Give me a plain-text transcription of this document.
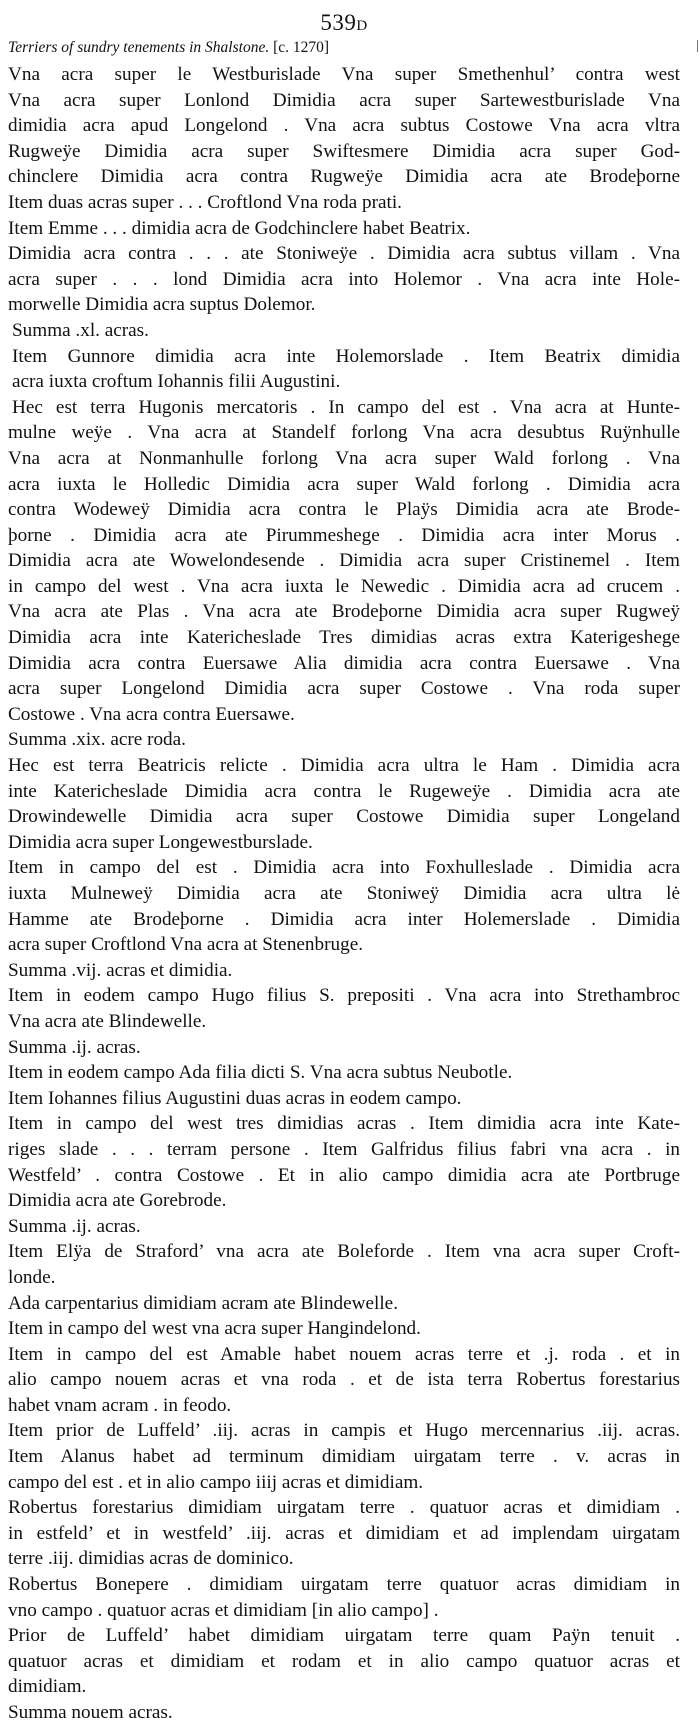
539D
Terriers of sundry tenements in Shalstone. [c. 1270]
Vna acra super le Westburislade Vna super Smethenhul’ contra west
Vna acra super Lonlond Dimidia acra super Sartewestburislade Vna
dimidia acra apud Longelond . Vna acra subtus Costowe Vna acra vltra
Rugweÿe Dimidia acra super Swiftesmere Dimidia acra super God-
chinclere Dimidia acra contra Rugweÿe Dimidia acra ate Brodeþorne
Item duas acras super . . . Croftlond Vna roda prati.
Item Emme . . . dimidia acra de Godchinclere habet Beatrix.
Dimidia acra contra . . . ate Stoniweÿe . Dimidia acra subtus villam . Vna
acra super . . . lond Dimidia acra into Holemor . Vna acra inte Hole-
morwelle Dimidia acra suptus Dolemor.
Summa .xl. acras.
Item Gunnore dimidia acra inte Holemorslade . Item Beatrix dimidia
acra iuxta croftum Iohannis filii Augustini.
Hec est terra Hugonis mercatoris . In campo del est . Vna acra at Hunte-
mulne weÿe . Vna acra at Standelf forlong Vna acra desubtus Ruÿnhulle
Vna acra at Nonmanhulle forlong Vna acra super Wald forlong . Vna
acra iuxta le Holledic Dimidia acra super Wald forlong . Dimidia acra
contra Wodeweÿ Dimidia acra contra le Plaÿs Dimidia acra ate Brode-
þorne . Dimidia acra ate Pirummeshege . Dimidia acra inter Morus .
Dimidia acra ate Wowelondesende . Dimidia acra super Cristinemel . Item
in campo del west . Vna acra iuxta le Newedic . Dimidia acra ad crucem .
Vna acra ate Plas . Vna acra ate Brodeþorne Dimidia acra super Rugweÿ
Dimidia acra inte Katericheslade Tres dimidias acras extra Katerigeshege
Dimidia acra contra Euersawe Alia dimidia acra contra Euersawe . Vna
acra super Longelond Dimidia acra super Costowe . Vna roda super
Costowe . Vna acra contra Euersawe.
Summa .xix. acre roda.
Hec est terra Beatricis relicte . Dimidia acra ultra le Ham . Dimidia acra
inte Katericheslade Dimidia acra contra le Rugeweÿe . Dimidia acra ate
Drowindewelle Dimidia acra super Costowe Dimidia super Longeland
Dimidia acra super Longewestburslade.
Item in campo del est . Dimidia acra into Foxhulleslade . Dimidia acra
iuxta Mulneweÿ Dimidia acra ate Stoniweÿ Dimidia acra ultra lė
Hamme ate Brodeþorne . Dimidia acra inter Holemerslade . Dimidia
acra super Croftlond Vna acra at Stenenbruge.
Summa .vij. acras et dimidia.
Item in eodem campo Hugo filius S. prepositi . Vna acra into Strethambroc
Vna acra ate Blindewelle.
Summa .ij. acras.
Item in eodem campo Ada filia dicti S. Vna acra subtus Neubotle.
Item Iohannes filius Augustini duas acras in eodem campo.
Item in campo del west tres dimidias acras . Item dimidia acra inte Kate-
riges slade . . . terram persone . Item Galfridus filius fabri vna acra . in
Westfeld’ . contra Costowe . Et in alio campo dimidia acra ate Portbruge
Dimidia acra ate Gorebrode.
Summa .ij. acras.
Item Elÿa de Straford’ vna acra ate Boleforde . Item vna acra super Croft-
londe.
Ada carpentarius dimidiam acram ate Blindewelle.
Item in campo del west vna acra super Hangindelond.
Item in campo del est Amable habet nouem acras terre et .j. roda . et in
alio campo nouem acras et vna roda . et de ista terra Robertus forestarius
habet vnam acram . in feodo.
Item prior de Luffeld’ .iij. acras in campis et Hugo mercennarius .iij. acras.
Item Alanus habet ad terminum dimidiam uirgatam terre . v. acras in
campo del est . et in alio campo iiij acras et dimidiam.
Robertus forestarius dimidiam uirgatam terre . quatuor acras et dimidiam .
in estfeld’ et in westfeld’ .iij. acras et dimidiam et ad implendam uirgatam
terre .iij. dimidias acras de dominico.
Robertus Bonepere . dimidiam uirgatam terre quatuor acras dimidiam in
vno campo . quatuor acras et dimidiam [in alio campo] .
Prior de Luffeld’ habet dimidiam uirgatam terre quam Paÿn tenuit .
quatuor acras et dimidiam et rodam et in alio campo quatuor acras et
dimidiam.
Summa nouem acras.
